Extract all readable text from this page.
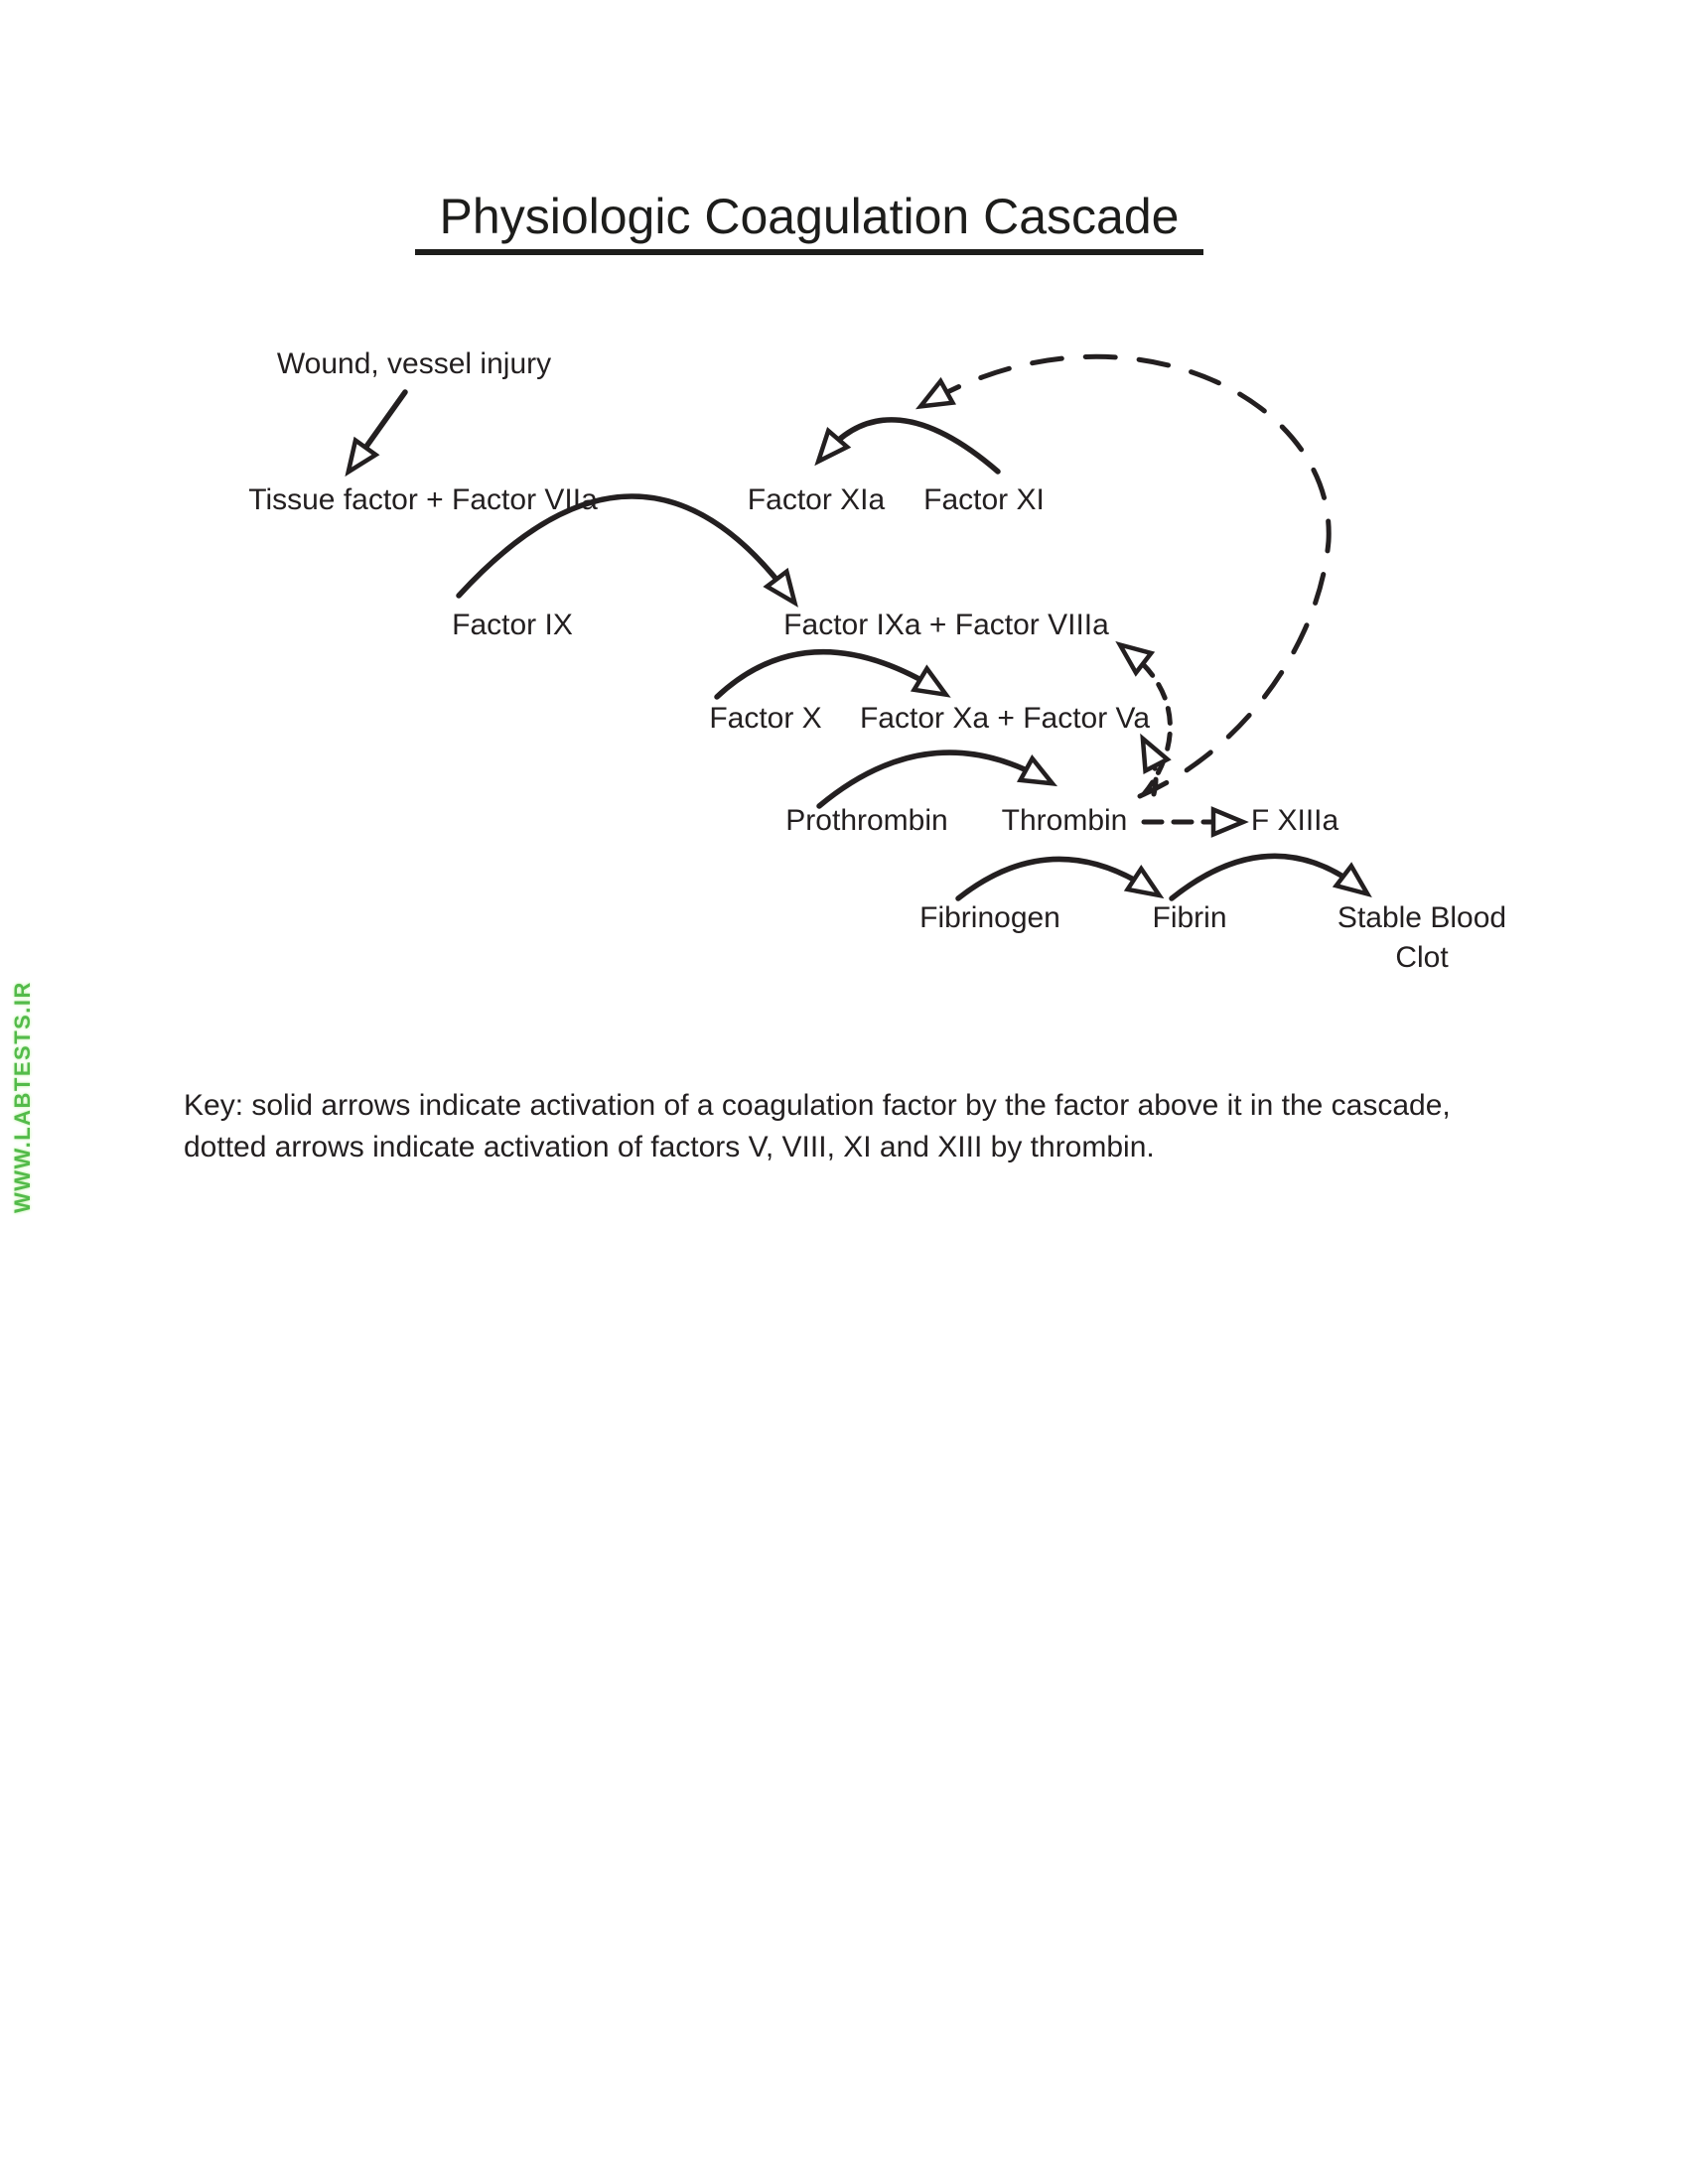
WWW.LABTESTS.IR
Physiologic Coagulation Cascade
Wound, vessel injury
Tissue factor + Factor VIIa	Factor XIa Factor XI
Factor IX	Factor IXa + Factor VIIIa
Factor X Factor Xa + Factor Va
Prothrombin Thrombin	F XIIIa
Fibrinogen	Fibrin	Stable Blood
Clot
Key: solid arrows indicate activation of a coagulation factor by the factor above it in the cascade,
dotted arrows indicate activation of factors V, VIII, XI and XIII by thrombin.
